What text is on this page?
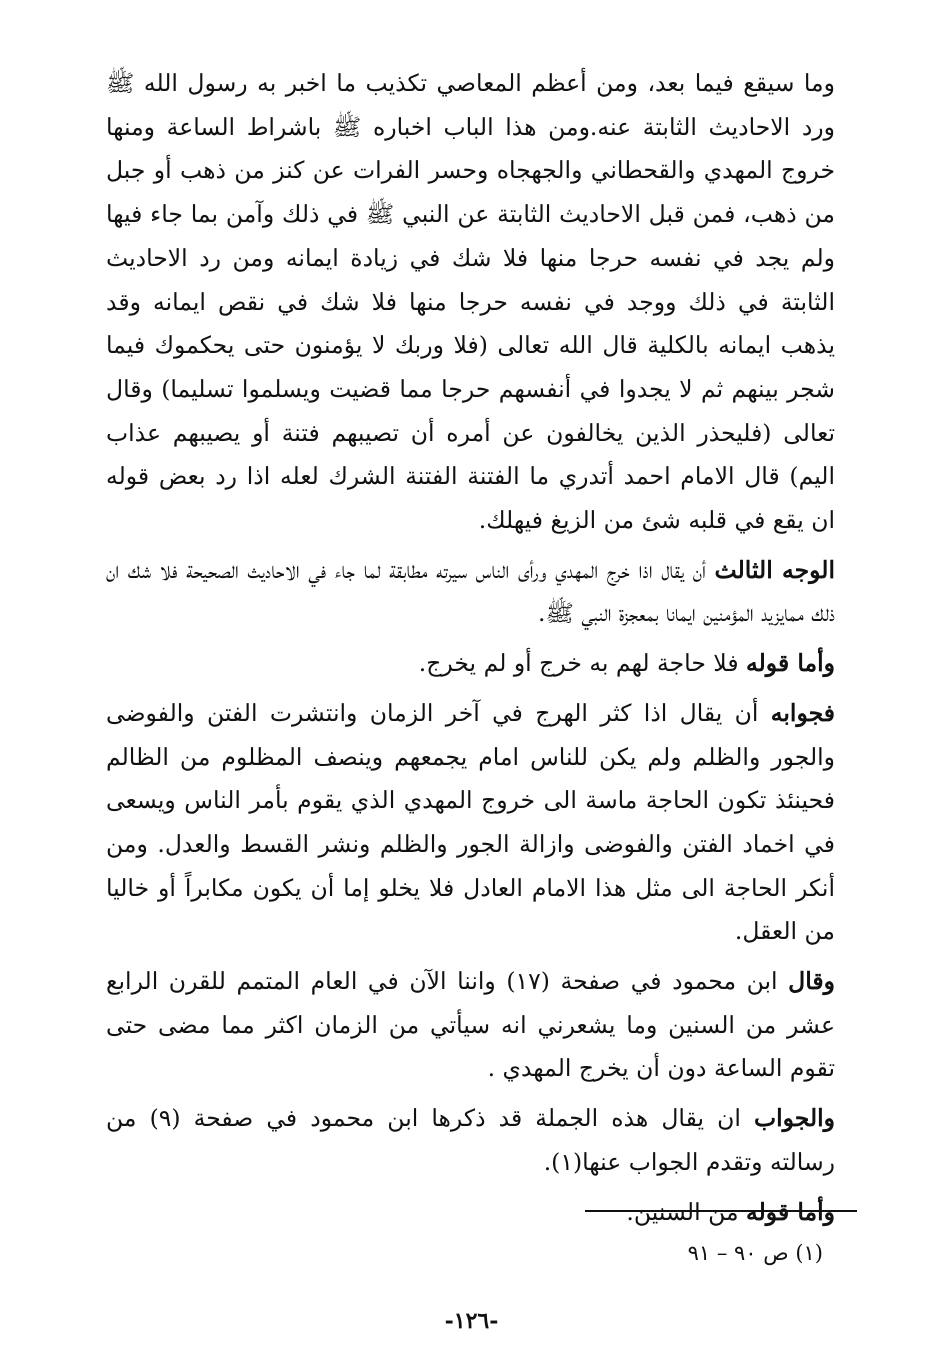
وما سيقع فيما بعد، ومن أعظم المعاصي تكذيب ما اخبر به رسول الله ﷺ ورد الاحاديث الثابتة عنه.ومن هذا الباب اخباره ﷺ باشراط الساعة ومنها خروج المهدي والقحطاني والجهجاه وحسر الفرات عن كنز من ذهب أو جبل من ذهب، فمن قبل الاحاديث الثابتة عن النبي ﷺ في ذلك وآمن بما جاء فيها ولم يجد في نفسه حرجا منها فلا شك في زيادة ايمانه ومن رد الاحاديث الثابتة في ذلك ووجد في نفسه حرجا منها فلا شك في نقص ايمانه وقد يذهب ايمانه بالكلية قال الله تعالى (فلا وربك لا يؤمنون حتى يحكموك فيما شجر بينهم ثم لا يجدوا في أنفسهم حرجا مما قضيت ويسلموا تسليما) وقال تعالى (فليحذر الذين يخالفون عن أمره أن تصيبهم فتنة أو يصيبهم عذاب اليم) قال الامام احمد أتدري ما الفتنة الفتنة الشرك لعله اذا رد بعض قوله ان يقع في قلبه شئ من الزيغ فيهلك.

الوجه الثالث أن يقال اذا خرج المهدي ورأى الناس سيرته مطابقة لما جاء في الاحاديث الصحيحة فلا شك ان ذلك ممايزيد المؤمنين ايمانا بمعجزة النبي ﷺ.

وأما قوله فلا حاجة لهم به خرج أو لم يخرج.

فجوابه أن يقال اذا كثر الهرج في آخر الزمان وانتشرت الفتن والفوضى والجور والظلم ولم يكن للناس امام يجمعهم وينصف المظلوم من الظالم فحينئذ تكون الحاجة ماسة الى خروج المهدي الذي يقوم بأمر الناس ويسعى في اخماد الفتن والفوضى وازالة الجور والظلم ونشر القسط والعدل. ومن أنكر الحاجة الى مثل هذا الامام العادل فلا يخلو إما أن يكون مكابراً أو خاليا من العقل.

وقال ابن محمود في صفحة (١٧) واننا الآن في العام المتمم للقرن الرابع عشر من السنين وما يشعرني انه سيأتي من الزمان اكثر مما مضى حتى تقوم الساعة دون أن يخرج المهدي .

والجواب ان يقال هذه الجملة قد ذكرها ابن محمود في صفحة (٩) من رسالته وتقدم الجواب عنها(١).

وأما قوله من السنين.

(١) ص ٩٠ – ٩١
-١٢٦-
